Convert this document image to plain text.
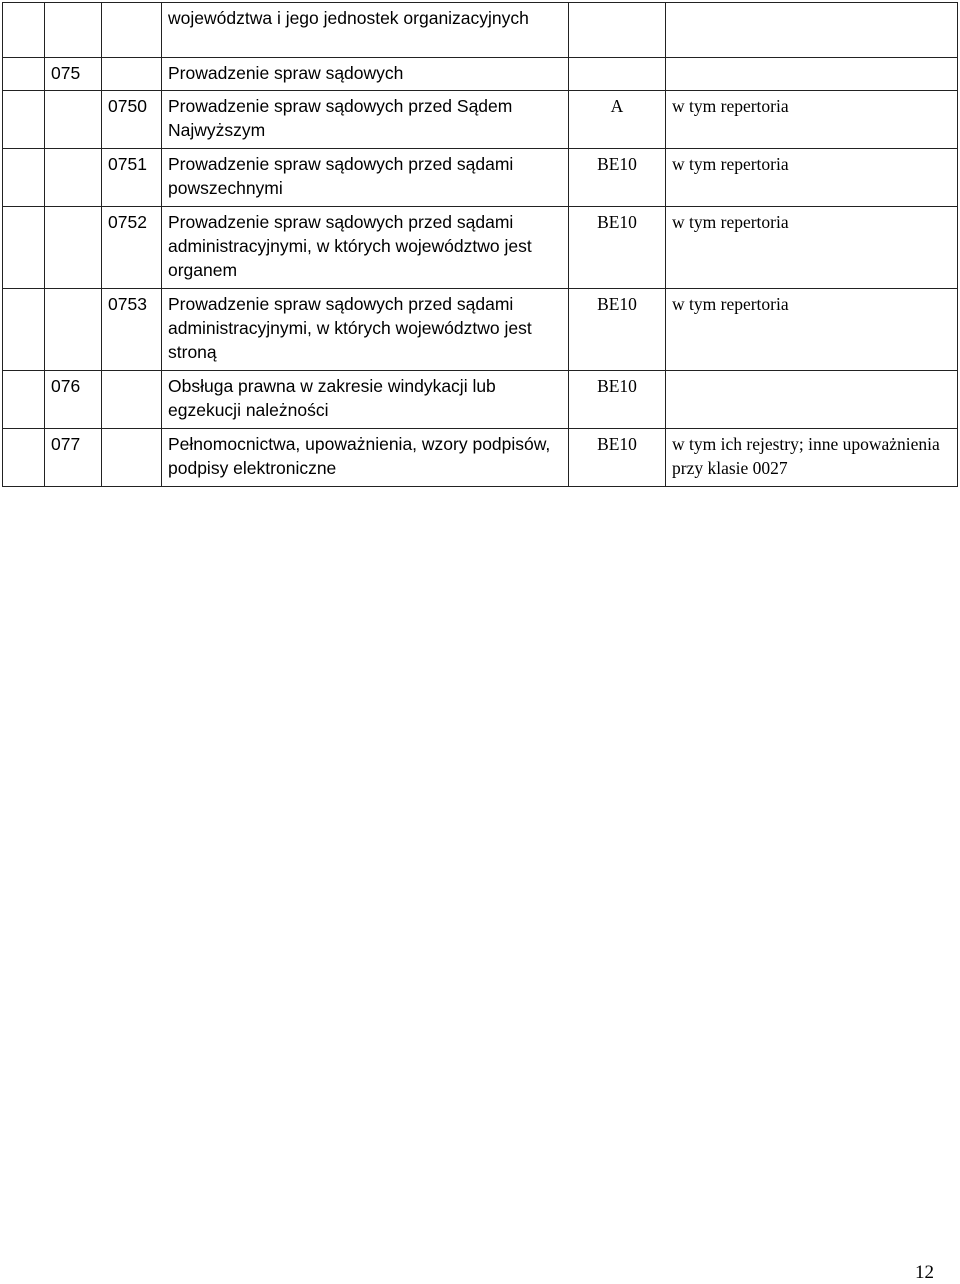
			województwa i jego jednostek organizacyjnych		
	075		Prowadzenie spraw sądowych		
		0750	Prowadzenie spraw sądowych przed Sądem Najwyższym	A	w tym repertoria
		0751	Prowadzenie spraw sądowych przed sądami powszechnymi	BE10	w tym repertoria
		0752	Prowadzenie spraw sądowych przed sądami administracyjnymi, w których województwo jest organem	BE10	w tym repertoria
		0753	Prowadzenie spraw sądowych przed sądami administracyjnymi, w których województwo jest stroną	BE10	w tym repertoria
	076		Obsługa prawna w zakresie windykacji lub egzekucji należności	BE10	
	077		Pełnomocnictwa, upoważnienia, wzory podpisów, podpisy elektroniczne	BE10	w tym ich rejestry; inne upoważnienia przy klasie 0027
12
